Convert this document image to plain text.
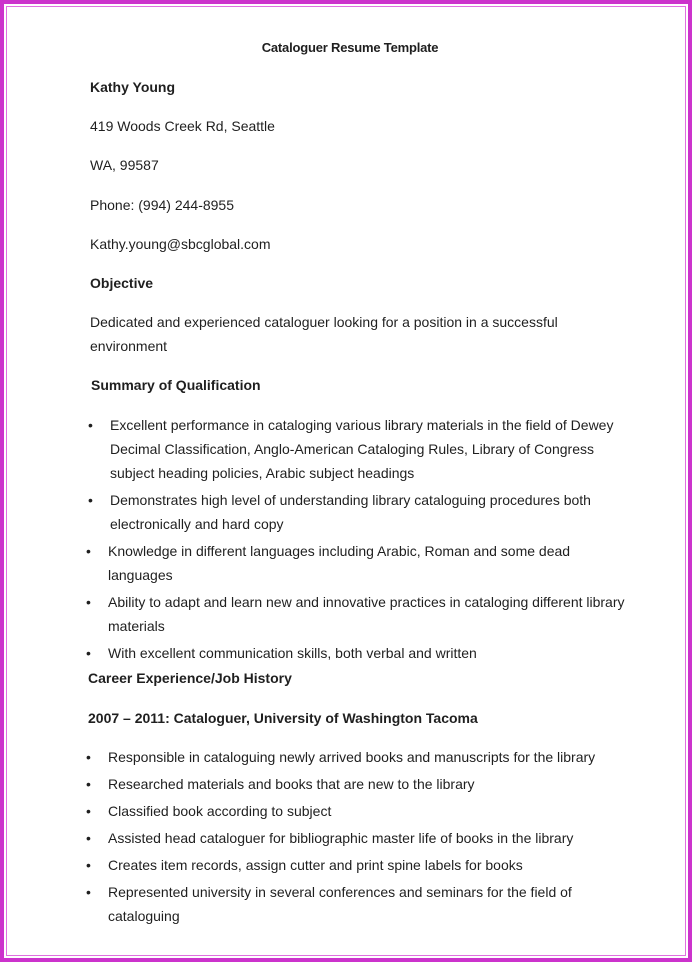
Cataloguer Resume Template
Kathy Young
419 Woods Creek Rd, Seattle
WA, 99587
Phone: (994) 244-8955
Kathy.young@sbcglobal.com
Objective
Dedicated and experienced cataloguer looking for a position in a successful environment
Summary of Qualification
• Excellent performance in cataloging various library materials in the field of Dewey Decimal Classification, Anglo-American Cataloging Rules, Library of Congress subject heading policies, Arabic subject headings
• Demonstrates high level of understanding library cataloguing procedures both electronically and hard copy
• Knowledge in different languages including Arabic, Roman and some dead languages
• Ability to adapt and learn new and innovative practices in cataloging different library materials
• With excellent communication skills, both verbal and written
Career Experience/Job History
2007 – 2011: Cataloguer, University of Washington Tacoma
• Responsible in cataloguing newly arrived books and manuscripts for the library
• Researched materials and books that are new to the library
• Classified book according to subject
• Assisted head cataloguer for bibliographic master life of books in the library
• Creates item records, assign cutter and print spine labels for books
• Represented university in several conferences and seminars for the field of cataloguing
